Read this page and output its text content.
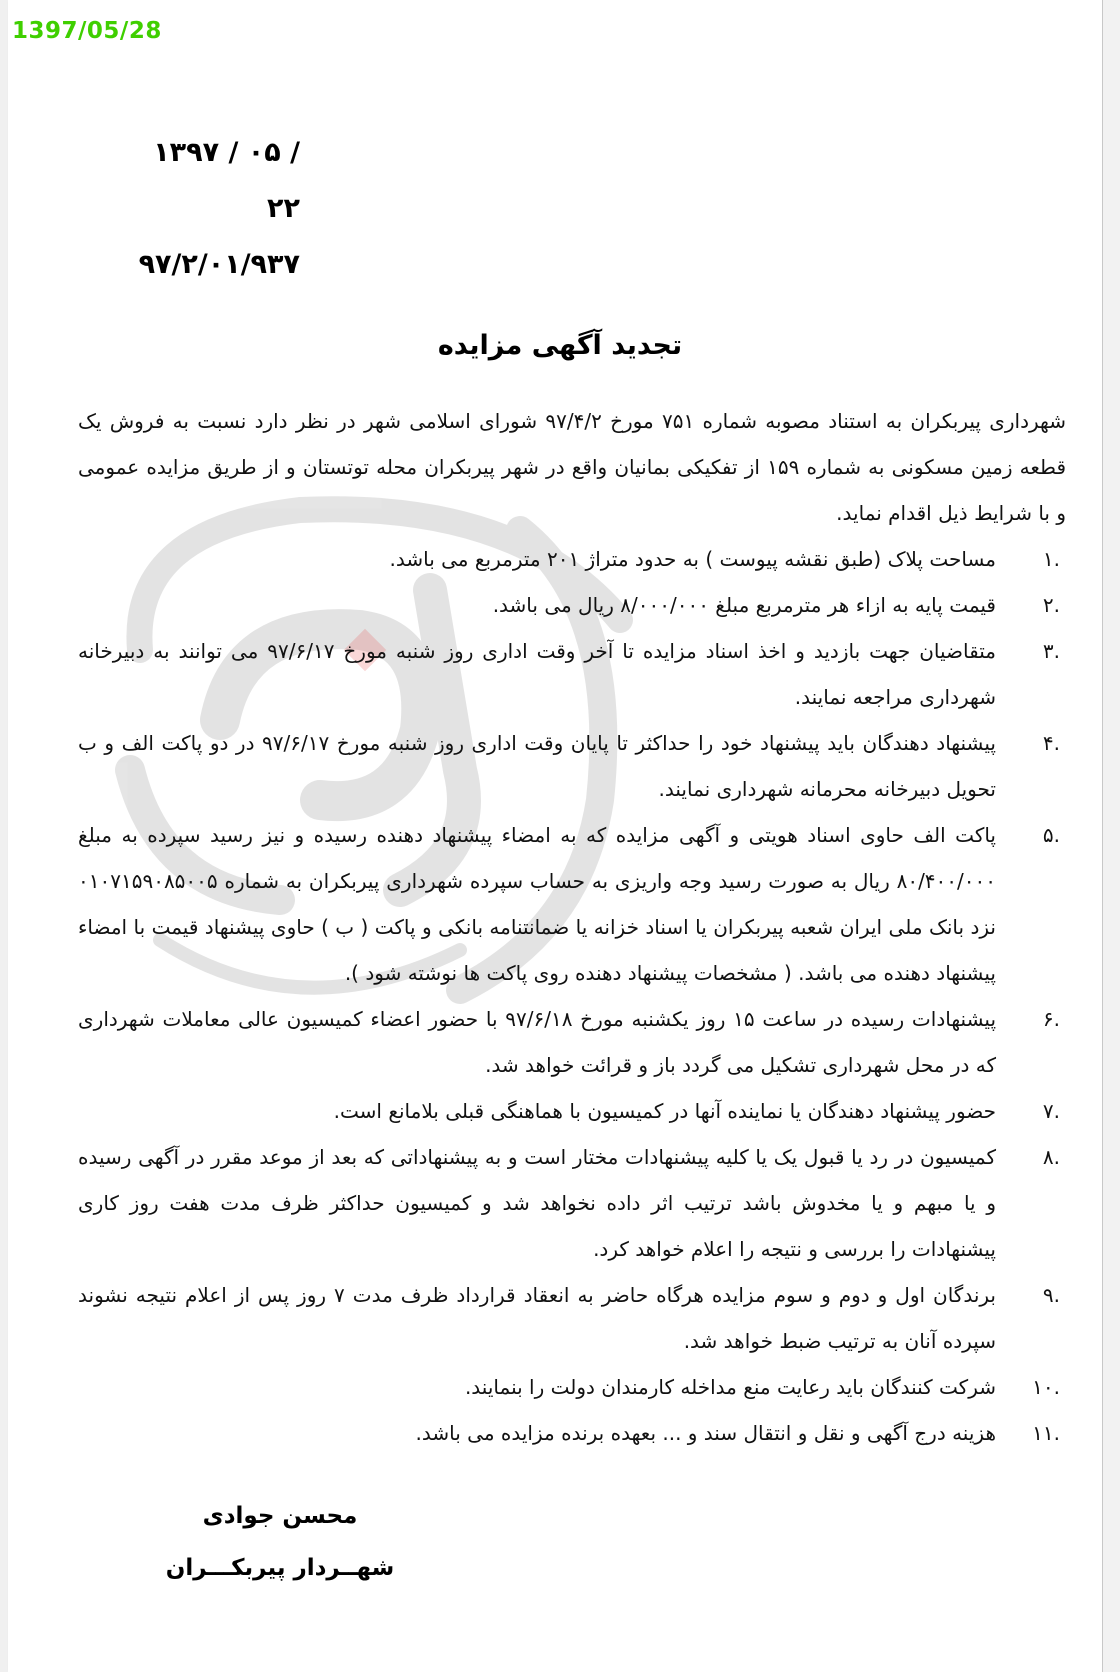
1397/05/28
۱۳۹۷ / ۰۵ / ۲۲
۹۷/۲/۰۱/۹۳۷
تجدید آگهی مزایده

شهرداری پیربکران به استناد مصوبه شماره ۷۵۱ مورخ ۹۷/۴/۲ شورای اسلامی شهر در نظر دارد نسبت به فروش یک قطعه زمین مسکونی به شماره ۱۵۹ از تفکیکی بمانیان واقع در شهر پیربکران محله توتستان و از طریق مزایده عمومی و با شرایط ذیل اقدام نماید.

.۱
مساحت پلاک (طبق نقشه پیوست ) به حدود متراژ ۲۰۱ مترمربع می باشد.
.۲
قیمت پایه به ازاء هر مترمربع مبلغ ۸/۰۰۰/۰۰۰ ریال می باشد.
.۳
متقاضیان جهت بازدید و اخذ اسناد مزایده تا آخر وقت اداری روز شنبه مورخ ۹۷/۶/۱۷ می توانند به دبیرخانه شهرداری مراجعه نمایند.
.۴
پیشنهاد دهندگان باید پیشنهاد خود را حداکثر تا پایان وقت اداری روز شنبه مورخ ۹۷/۶/۱۷ در دو پاکت الف و ب تحویل دبیرخانه محرمانه شهرداری نمایند.
.۵
پاکت الف حاوی اسناد هویتی و آگهی مزایده که به امضاء پیشنهاد دهنده رسیده و نیز رسید سپرده به مبلغ ۸۰/۴۰۰/۰۰۰ ریال به صورت رسید وجه واریزی به حساب سپرده شهرداری پیربکران به شماره ۰۱۰۷۱۵۹۰۸۵۰۰۵ نزد بانک ملی ایران شعبه پیربکران یا اسناد خزانه یا ضمانتنامه بانکی و پاکت ( ب ) حاوی پیشنهاد قیمت با امضاء پیشنهاد دهنده می باشد. ( مشخصات پیشنهاد دهنده روی پاکت ها نوشته شود ).
.۶
پیشنهادات رسیده در ساعت ۱۵ روز یکشنبه مورخ ۹۷/۶/۱۸ با حضور اعضاء کمیسیون عالی معاملات شهرداری که در محل شهرداری تشکیل می گردد باز و قرائت خواهد شد.
.۷
حضور پیشنهاد دهندگان یا نماینده آنها در کمیسیون با هماهنگی قبلی بلامانع است.
.۸
کمیسیون در رد یا قبول یک یا کلیه پیشنهادات مختار است و به پیشنهاداتی که بعد از موعد مقرر در آگهی رسیده و یا مبهم و یا مخدوش باشد ترتیب اثر داده نخواهد شد و کمیسیون حداکثر ظرف مدت هفت روز کاری پیشنهادات را بررسی و نتیجه را اعلام خواهد کرد.
.۹
برندگان اول و دوم و سوم مزایده هرگاه حاضر به انعقاد قرارداد ظرف مدت ۷ روز پس از اعلام نتیجه نشوند سپرده آنان به ترتیب ضبط خواهد شد.
.۱۰
شرکت کنندگان باید رعایت منع مداخله کارمندان دولت را بنمایند.
.۱۱
هزینه درج آگهی و نقل و انتقال سند و ... بعهده برنده مزایده می باشد.
محسن جوادی
شهــردار پیربکـــران
